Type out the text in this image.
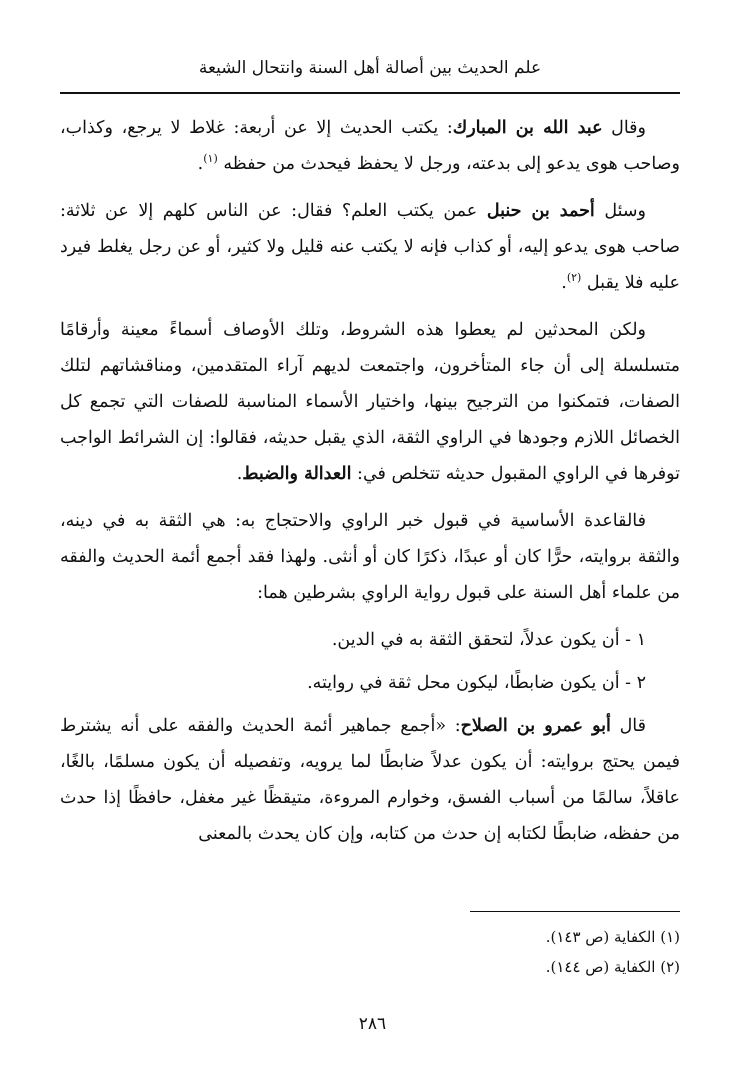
علم الحديث بين أصالة أهل السنة وانتحال الشيعة

وقال عبد الله بن المبارك: يكتب الحديث إلا عن أربعة: غلاط لا يرجع، وكذاب، وصاحب هوى يدعو إلى بدعته، ورجل لا يحفظ فيحدث من حفظه $^{(١)}$.

وسئل أحمد بن حنبل عمن يكتب العلم؟ فقال: عن الناس كلهم إلا عن ثلاثة: صاحب هوى يدعو إليه، أو كذاب فإنه لا يكتب عنه قليل ولا كثير، أو عن رجل يغلط فيرد عليه فلا يقبل $^{(٢)}$.

ولكن المحدثين لم يعطوا هذه الشروط، وتلك الأوصاف أسماءً معينة وأرقامًا متسلسلة إلى أن جاء المتأخرون، واجتمعت لديهم آراء المتقدمين، ومناقشاتهم لتلك الصفات، فتمكنوا من الترجيح بينها، واختيار الأسماء المناسبة للصفات التي تجمع كل الخصائل اللازم وجودها في الراوي الثقة، الذي يقبل حديثه، فقالوا: إن الشرائط الواجب توفرها في الراوي المقبول حديثه تتخلص في: العدالة والضبط.

فالقاعدة الأساسية في قبول خبر الراوي والاحتجاج به: هي الثقة به في دينه، والثقة بروايته، حرًّا كان أو عبدًا، ذكرًا كان أو أنثى. ولهذا فقد أجمع أئمة الحديث والفقه من علماء أهل السنة على قبول رواية الراوي بشرطين هما:

١ - أن يكون عدلاً، لتحقق الثقة به في الدين.

٢ - أن يكون ضابطًا، ليكون محل ثقة في روايته.

قال أبو عمرو بن الصلاح: «أجمع جماهير أئمة الحديث والفقه على أنه يشترط فيمن يحتج بروايته: أن يكون عدلاً ضابطًا لما يرويه، وتفصيله أن يكون مسلمًا، بالغًا، عاقلاً، سالمًا من أسباب الفسق، وخوارم المروءة، متيقظًا غير مغفل، حافظًا إذا حدث من حفظه، ضابطًا لكتابه إن حدث من كتابه، وإن كان يحدث بالمعنى

(١) الكفاية (ص ١٤٣).
(٢) الكفاية (ص ١٤٤).
٢٨٦
